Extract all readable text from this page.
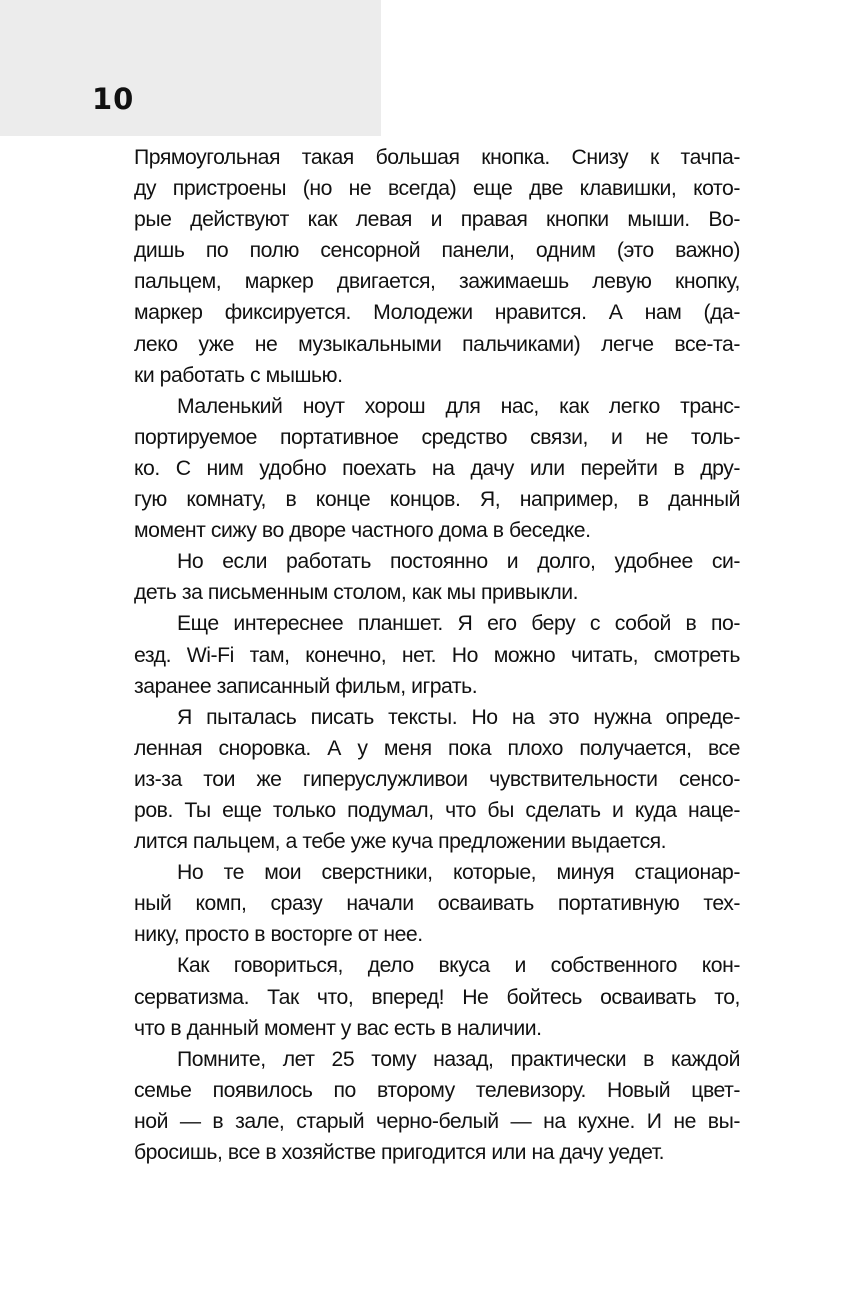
10
Прямоугольная такая большая кнопка. Снизу к тачпа-
ду пристроены (но не всегда) еще две клавишки, кото-
рые действуют как левая и правая кнопки мыши. Во-
дишь по полю сенсорной панели, одним (это важно)
пальцем, маркер двигается, зажимаешь левую кнопку,
маркер фиксируется. Молодежи нравится. А нам (да-
леко уже не музыкальными пальчиками) легче все-та-
ки работать с мышью.
Маленький ноут хорош для нас, как легко транс-
портируемое портативное средство связи, и не толь-
ко. С ним удобно поехать на дачу или перейти в дру-
гую комнату, в конце концов. Я, например, в данный
момент сижу во дворе частного дома в беседке.
Но если работать постоянно и долго, удобнее си-
деть за письменным столом, как мы привыкли.
Еще интереснее планшет. Я его беру с собой в по-
езд. Wi-Fi там, конечно, нет. Но можно читать, смотреть
заранее записанный фильм, играть.
Я пыталась писать тексты. Но на это нужна опреде-
ленная сноровка. А у меня пока плохо получается, все
из-за тои же гиперуслужливои чувствительности сенсо-
ров. Ты еще только подумал, что бы сделать и куда наце-
лится пальцем, а тебе уже куча предложении выдается.
Но те мои сверстники, которые, минуя стационар-
ный комп, сразу начали осваивать портативную тех-
нику, просто в восторге от нее.
Как говориться, дело вкуса и собственного кон-
серватизма. Так что, вперед! Не бойтесь осваивать то,
что в данный момент у вас есть в наличии.
Помните, лет 25 тому назад, практически в каждой
семье появилось по второму телевизору. Новый цвет-
ной — в зале, старый черно-белый — на кухне. И не вы-
бросишь, все в хозяйстве пригодится или на дачу уедет.
